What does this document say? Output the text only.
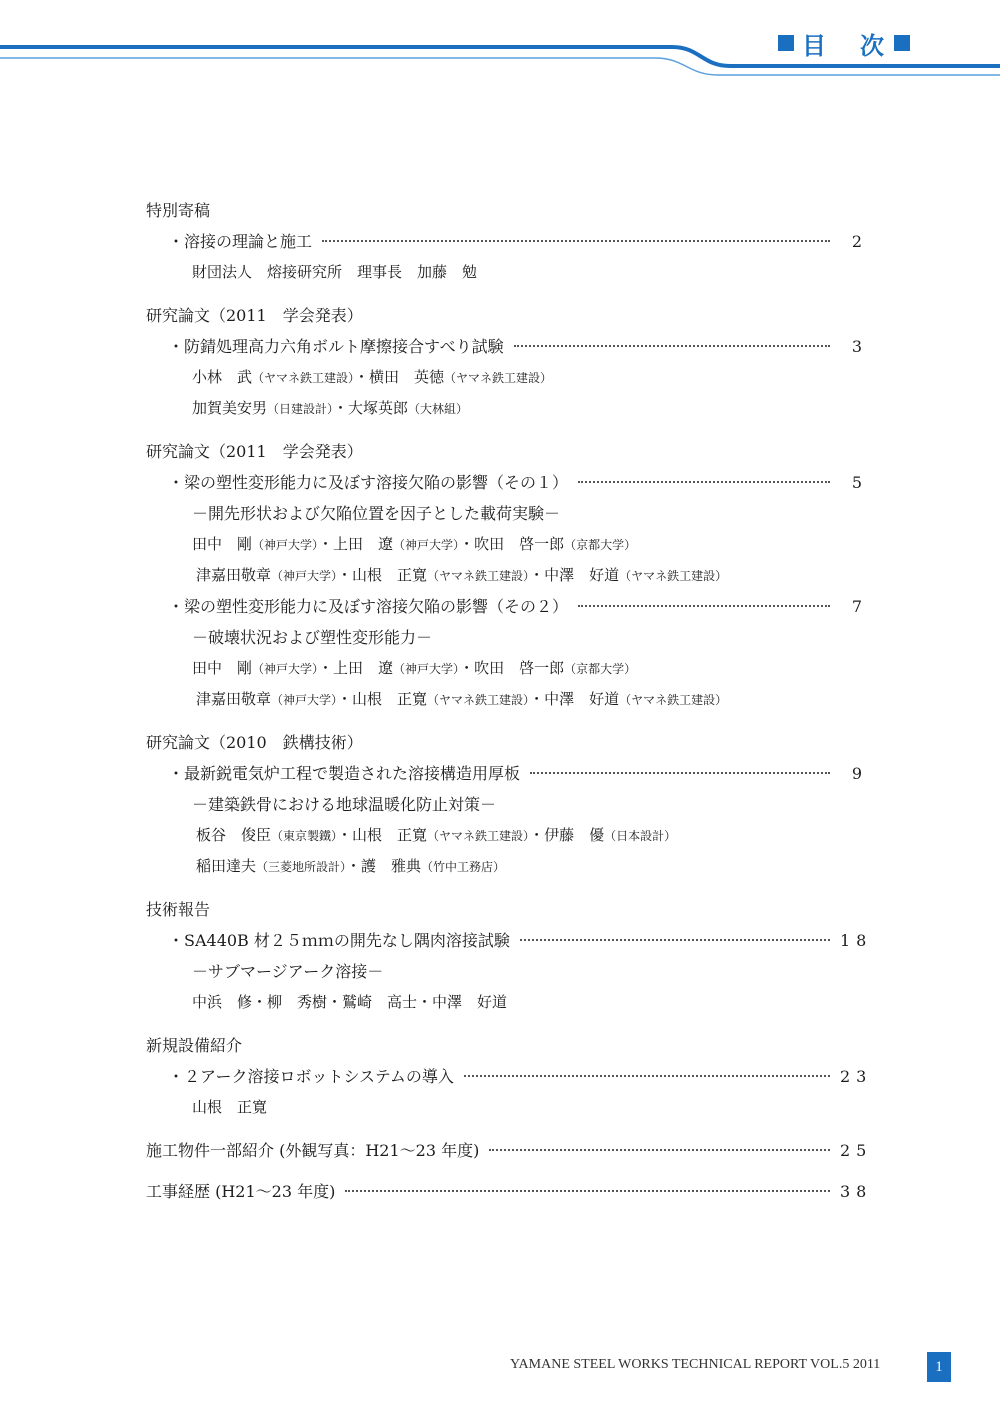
目 次
特別寄稿
・溶接の理論と施工	2
財団法人　熔接研究所　理事長　加藤　勉
研究論文（2011　学会発表）
・防錆処理高力六角ボルト摩擦接合すべり試験	3
小林　武（ヤマネ鉄工建設）・横田　英徳（ヤマネ鉄工建設）
加賀美安男（日建設計）・大塚英郎（大林組）
研究論文（2011　学会発表）
・梁の塑性変形能力に及ぼす溶接欠陥の影響（その１）	5
－開先形状および欠陥位置を因子とした載荷実験－
田中　剛（神戸大学）・上田　遼（神戸大学）・吹田　啓一郎（京都大学）
津嘉田敬章（神戸大学）・山根　正寛（ヤマネ鉄工建設）・中澤　好道（ヤマネ鉄工建設）
・梁の塑性変形能力に及ぼす溶接欠陥の影響（その２）	7
－破壊状況および塑性変形能力－
田中　剛（神戸大学）・上田　遼（神戸大学）・吹田　啓一郎（京都大学）
津嘉田敬章（神戸大学）・山根　正寛（ヤマネ鉄工建設）・中澤　好道（ヤマネ鉄工建設）
研究論文（2010　鉄構技術）
・最新鋭電気炉工程で製造された溶接構造用厚板	9
－建築鉄骨における地球温暖化防止対策－
板谷　俊臣（東京製鐵）・山根　正寛（ヤマネ鉄工建設）・伊藤　優（日本設計）
稲田達夫（三菱地所設計）・護　雅典（竹中工務店）
技術報告
・SA440B 材２５ｍｍの開先なし隅肉溶接試験	18
－サブマージアーク溶接－
中浜　修・柳　秀樹・鷲崎　高士・中澤　好道
新規設備紹介
・２アーク溶接ロボットシステムの導入	23
山根　正寛
施工物件一部紹介 (外観写真：H21～23 年度)	25
工事経歴 (H21～23 年度)	38
YAMANE STEEL WORKS TECHNICAL REPORT VOL.5 2011	1
